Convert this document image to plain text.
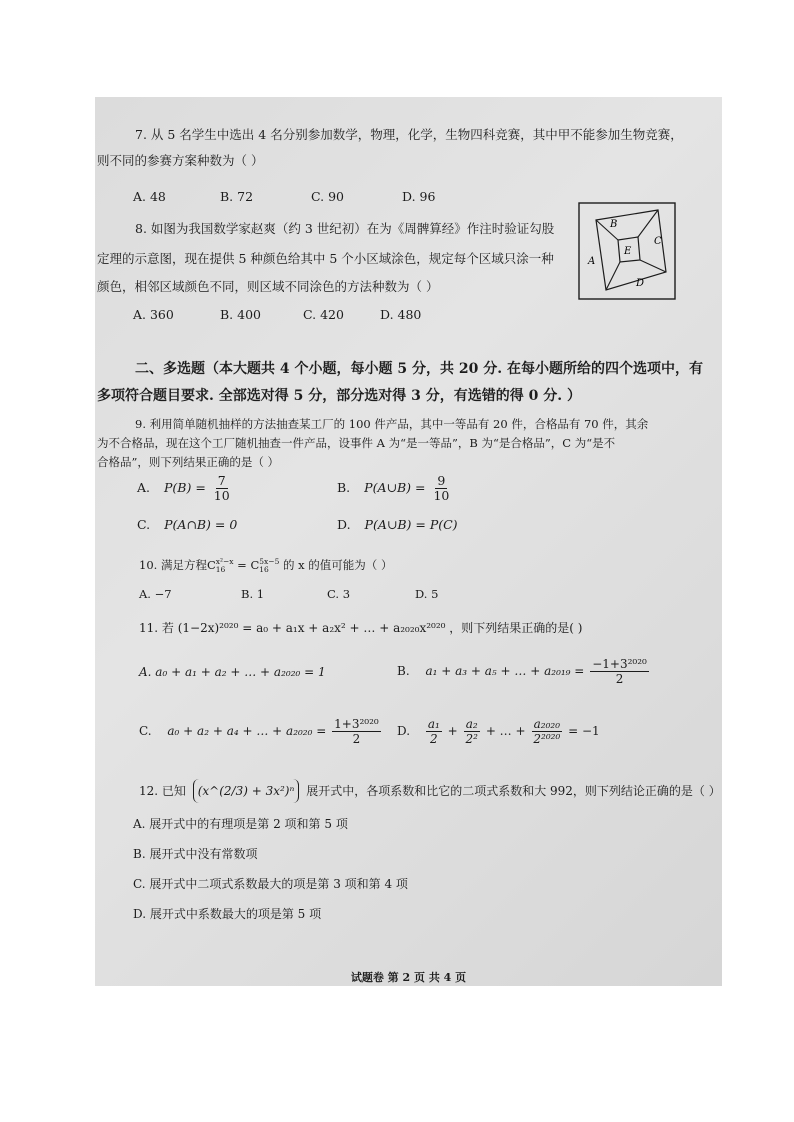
7. 从 5 名学生中选出 4 名分别参加数学，物理，化学，生物四科竞赛，其中甲不能参加生物竞赛，
则不同的参赛方案种数为（ ）
A. 48	B. 72	C. 90	D. 96
8. 如图为我国数学家赵爽（约 3 世纪初）在为《周髀算经》作注时验证勾股
定理的示意图，现在提供 5 种颜色给其中 5 个小区域涂色，规定每个区域只涂一种
颜色，相邻区域颜色不同，则区域不同涂色的方法种数为（ ）
A. 360	B. 400	C. 420	D. 480
A
B
C
D
E
二、多选题（本大题共 4 个小题，每小题 5 分，共 20 分. 在每小题所给的四个选项中，有
多项符合题目要求. 全部选对得 5 分，部分选对得 3 分，有选错的得 0 分. ）
9. 利用简单随机抽样的方法抽查某工厂的 100 件产品，其中一等品有 20 件，合格品有 70 件，其余
为不合格品，现在这个工厂随机抽查一件产品，设事件 A 为“是一等品”，B 为“是合格品”，C 为“是不
合格品”，则下列结果正确的是（ ）
A. $P(B) = \frac{7}{10}$	B. P(A∪B) = $\frac{9}{10}$
C. P(A∩B) = 0	D. P(A∪B) = P(C)
10. 满足方程C x²−x
16 = C 5x−5
16 的 x 的值可能为（ ）
A. −7	B. 1	C. 3	D. 5
11. 若 (1−2x)²⁰²⁰ = a₀ + a₁x + a₂x² + … + a₂₀₂₀x²⁰²⁰ ，则下列结果正确的是( )
A. a₀ + a₁ + a₂ + … + a₂₀₂₀ = 1	B. a₁ + a₃ + a₅ + … + $a_{2019} = \frac{\text{−1+3²⁰²⁰}}{2}$
C. a₀ + a₂ + a₄ + … + $a_{2020} = \frac{\text{1+3²⁰²⁰}}{2} D$. $\frac{\text{a₁}}{2} + \frac{\text{a₂}}{\text{2²}}$ + … + $\frac{\text{a₂₀₂₀}}{\text{2²⁰²⁰}} = -1$
12. 已知 (x^(2/3) + 3x²)ⁿ 展开式中，各项系数和比它的二项式系数和大 992，则下列结论正确的是（ ）
A. 展开式中的有理项是第 2 项和第 5 项
B. 展开式中没有常数项
C. 展开式中二项式系数最大的项是第 3 项和第 4 项
D. 展开式中系数最大的项是第 5 项
试题卷 第 2 页 共 4 页
